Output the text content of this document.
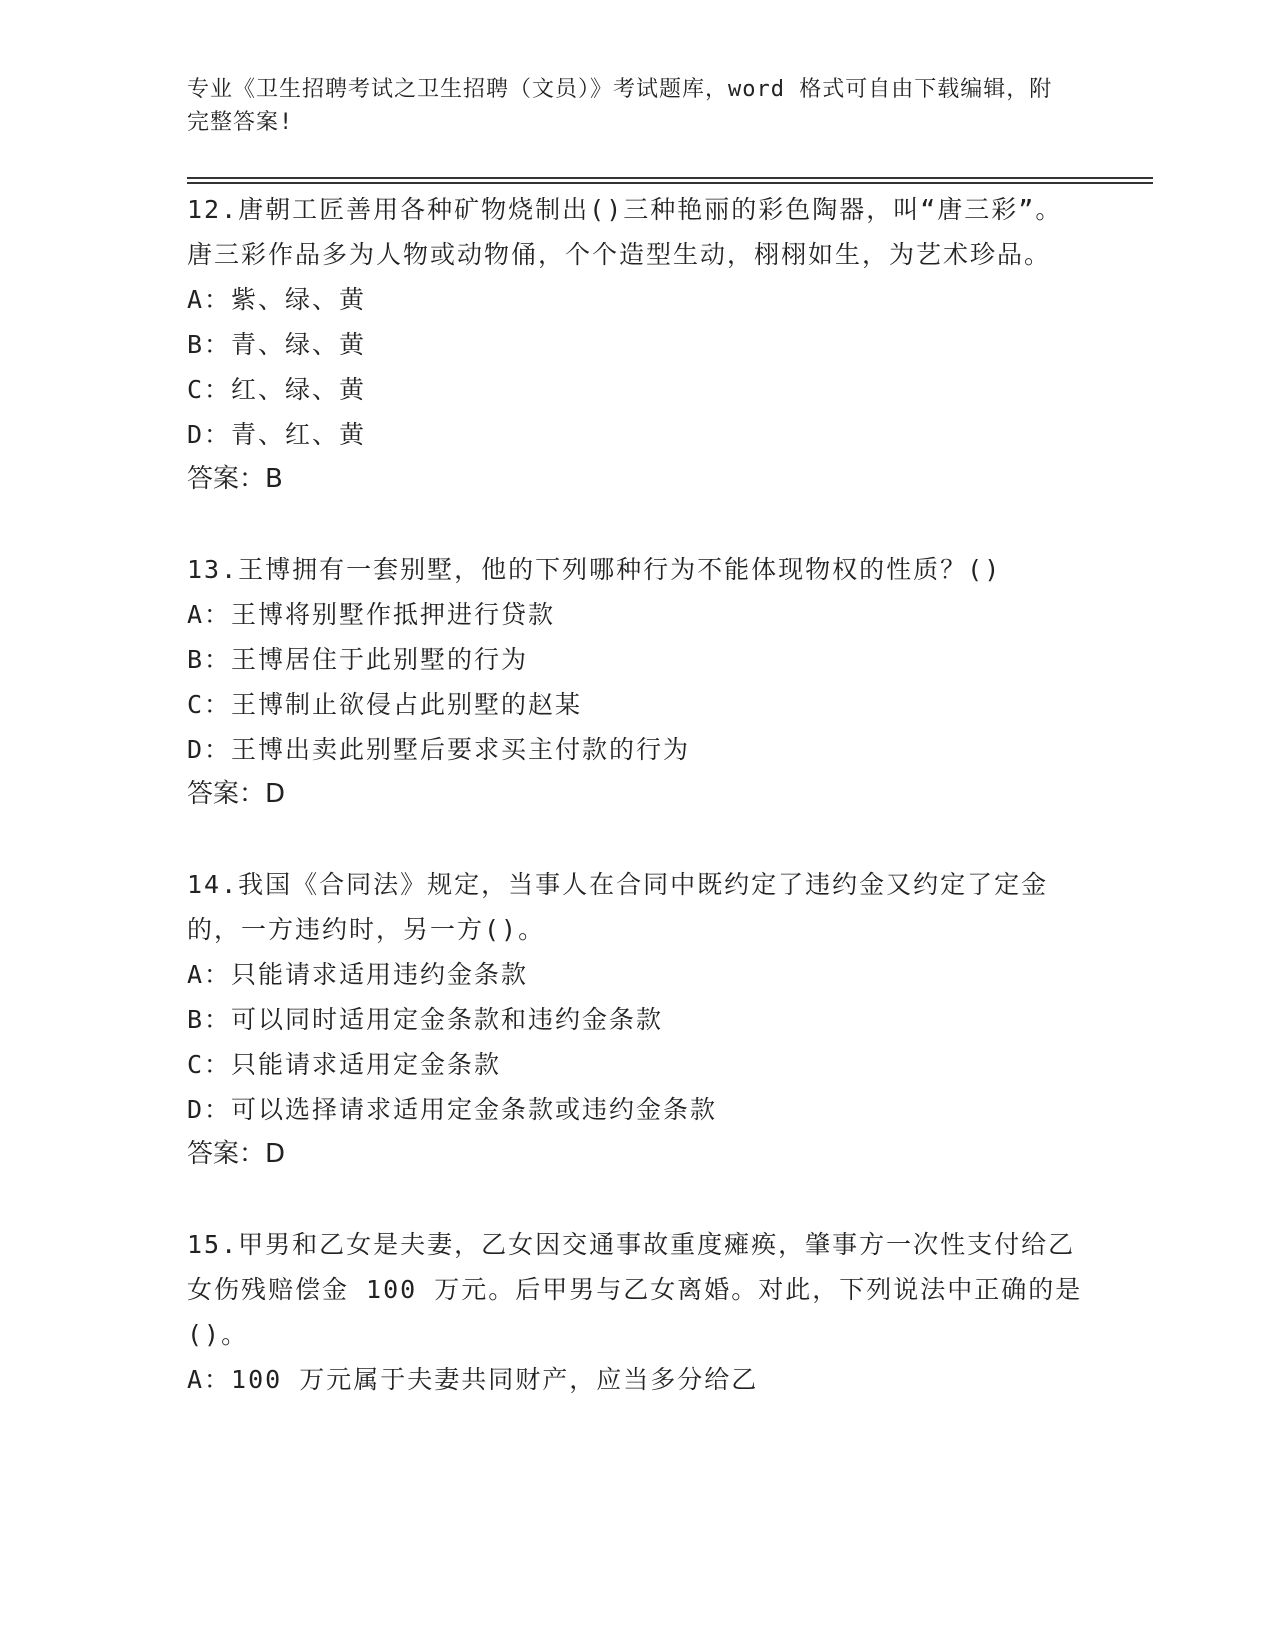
专业《卫生招聘考试之卫生招聘（文员）》考试题库，word 格式可自由下载编辑，附完整答案!

12.唐朝工匠善用各种矿物烧制出()三种艳丽的彩色陶器，叫“唐三彩”。唐三彩作品多为人物或动物俑，个个造型生动，栩栩如生，为艺术珍品。

A：紫、绿、黄

B：青、绿、黄

C：红、绿、黄

D：青、红、黄

答案：B

13.王博拥有一套别墅，他的下列哪种行为不能体现物权的性质？()

A：王博将别墅作抵押进行贷款

B：王博居住于此别墅的行为

C：王博制止欲侵占此别墅的赵某

D：王博出卖此别墅后要求买主付款的行为

答案：D

14.我国《合同法》规定，当事人在合同中既约定了违约金又约定了定金的，一方违约时，另一方()。

A：只能请求适用违约金条款

B：可以同时适用定金条款和违约金条款

C：只能请求适用定金条款

D：可以选择请求适用定金条款或违约金条款

答案：D

15.甲男和乙女是夫妻，乙女因交通事故重度瘫痪，肇事方一次性支付给乙女伤残赔偿金 100 万元。后甲男与乙女离婚。对此，下列说法中正确的是()。

A：100 万元属于夫妻共同财产，应当多分给乙
